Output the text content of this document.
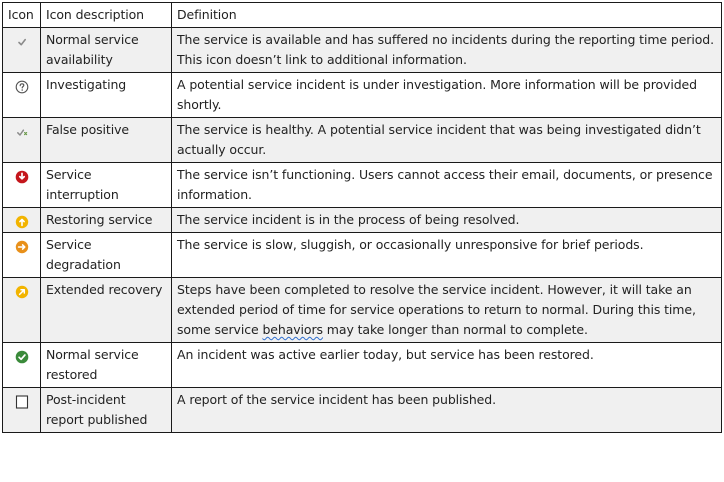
Icon	Icon description	Definition

	Normal service availability	The service is available and has suffered no incidents during the reporting time period. This icon doesn’t link to additional information.

	Investigating	A potential service incident is under investigation. More information will be provided shortly.

	False positive	The service is healthy. A potential service incident that was being investigated didn’t actually occur.

	Service interruption	The service isn’t functioning. Users cannot access their email, documents, or presence information.

	Restoring service	The service incident is in the process of being resolved.

	Service degradation	The service is slow, sluggish, or occasionally unresponsive for brief periods.

	Extended recovery	Steps have been completed to resolve the service incident. However, it will take an extended period of time for service operations to return to normal. During this time, some service behaviors may take longer than normal to complete.

	Normal service restored	An incident was active earlier today, but service has been restored.

	Post-incident report published	A report of the service incident has been published.
